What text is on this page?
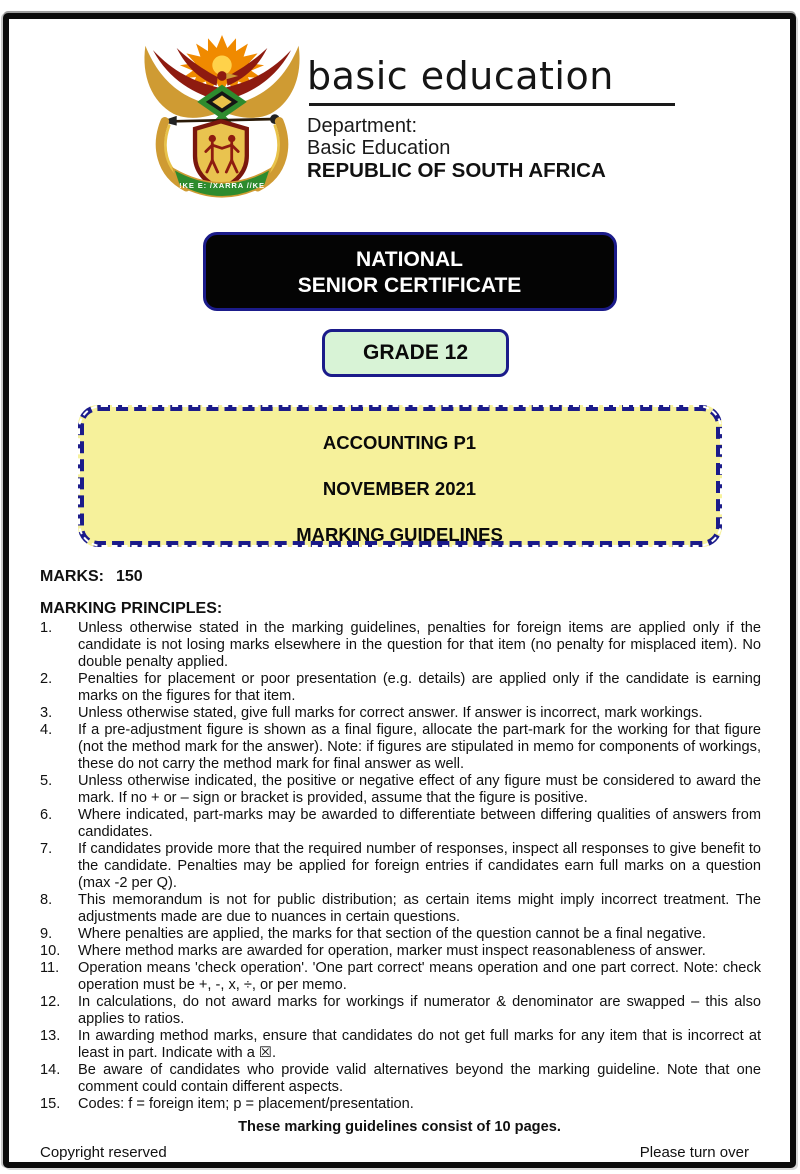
!KE E: /XARRA //KE
basic education
Department:
Basic Education
REPUBLIC OF SOUTH AFRICA
NATIONAL
SENIOR CERTIFICATE
GRADE 12
ACCOUNTING P1
NOVEMBER 2021
MARKING GUIDELINES
MARKS: 150
MARKING PRINCIPLES:
1.	Unless otherwise stated in the marking guidelines, penalties for foreign items are applied only if the candidate is not losing marks elsewhere in the question for that item (no penalty for misplaced item). No double penalty applied.
2.	Penalties for placement or poor presentation (e.g. details) are applied only if the candidate is earning marks on the figures for that item.
3.	Unless otherwise stated, give full marks for correct answer. If answer is incorrect, mark workings.
4.	If a pre-adjustment figure is shown as a final figure, allocate the part-mark for the working for that figure (not the method mark for the answer). Note: if figures are stipulated in memo for components of workings, these do not carry the method mark for final answer as well.
5.	Unless otherwise indicated, the positive or negative effect of any figure must be considered to award the mark. If no + or – sign or bracket is provided, assume that the figure is positive.
6.	Where indicated, part-marks may be awarded to differentiate between differing qualities of answers from candidates.
7.	If candidates provide more that the required number of responses, inspect all responses to give benefit to the candidate. Penalties may be applied for foreign entries if candidates earn full marks on a question (max -2 per Q).
8.	This memorandum is not for public distribution; as certain items might imply incorrect treatment. The adjustments made are due to nuances in certain questions.
9.	Where penalties are applied, the marks for that section of the question cannot be a final negative.
10.	Where method marks are awarded for operation, marker must inspect reasonableness of answer.
11.	Operation means 'check operation'. 'One part correct' means operation and one part correct. Note: check operation must be +, -, x, ÷, or per memo.
12.	In calculations, do not award marks for workings if numerator & denominator are swapped – this also applies to ratios.
13.	In awarding method marks, ensure that candidates do not get full marks for any item that is incorrect at least in part. Indicate with a ☒.
14.	Be aware of candidates who provide valid alternatives beyond the marking guideline. Note that one comment could contain different aspects.
15.	Codes: f = foreign item; p = placement/presentation.
These marking guidelines consist of 10 pages.
Copyright reserved	Please turn over
